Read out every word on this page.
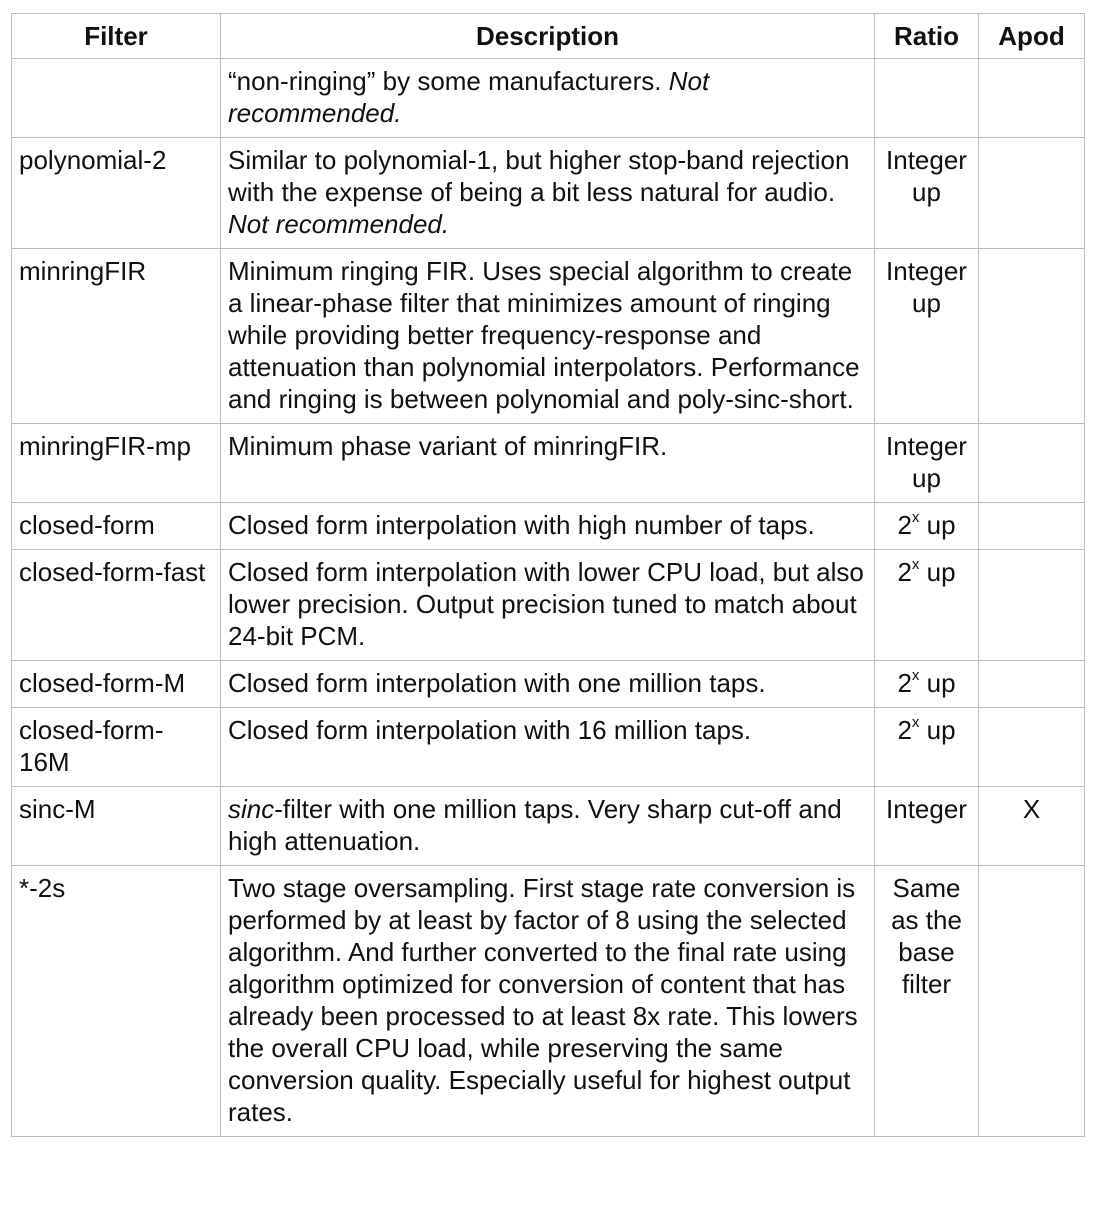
Filter	Description	Ratio	Apod
	“non-ringing” by some manufacturers. Not recommended.		
polynomial-2	Similar to polynomial-1, but higher stop-band rejection with the expense of being a bit less natural for audio. Not recommended.	Integer up	
minringFIR	Minimum ringing FIR. Uses special algorithm to create a linear-phase filter that minimizes amount of ringing while providing better frequency-response and attenuation than polynomial interpolators. Performance and ringing is between polynomial and poly-sinc-short.	Integer up	
minringFIR-mp	Minimum phase variant of minringFIR.	Integer up	
closed-form	Closed form interpolation with high number of taps.	2$^x$ up	
closed-form-fast	Closed form interpolation with lower CPU load, but also lower precision. Output precision tuned to match about 24-bit PCM.	2$^x$ up	
closed-form-M	Closed form interpolation with one million taps.	2$^x$ up	
closed-form-16M	Closed form interpolation with 16 million taps.	2$^x$ up	
sinc-M	sinc-filter with one million taps. Very sharp cut-off and high attenuation.	Integer	X
*-2s	Two stage oversampling. First stage rate conversion is performed by at least by factor of 8 using the selected algorithm. And further converted to the final rate using algorithm optimized for conversion of content that has already been processed to at least 8x rate. This lowers the overall CPU load, while preserving the same conversion quality. Especially useful for highest output rates.	Same as the base filter	
